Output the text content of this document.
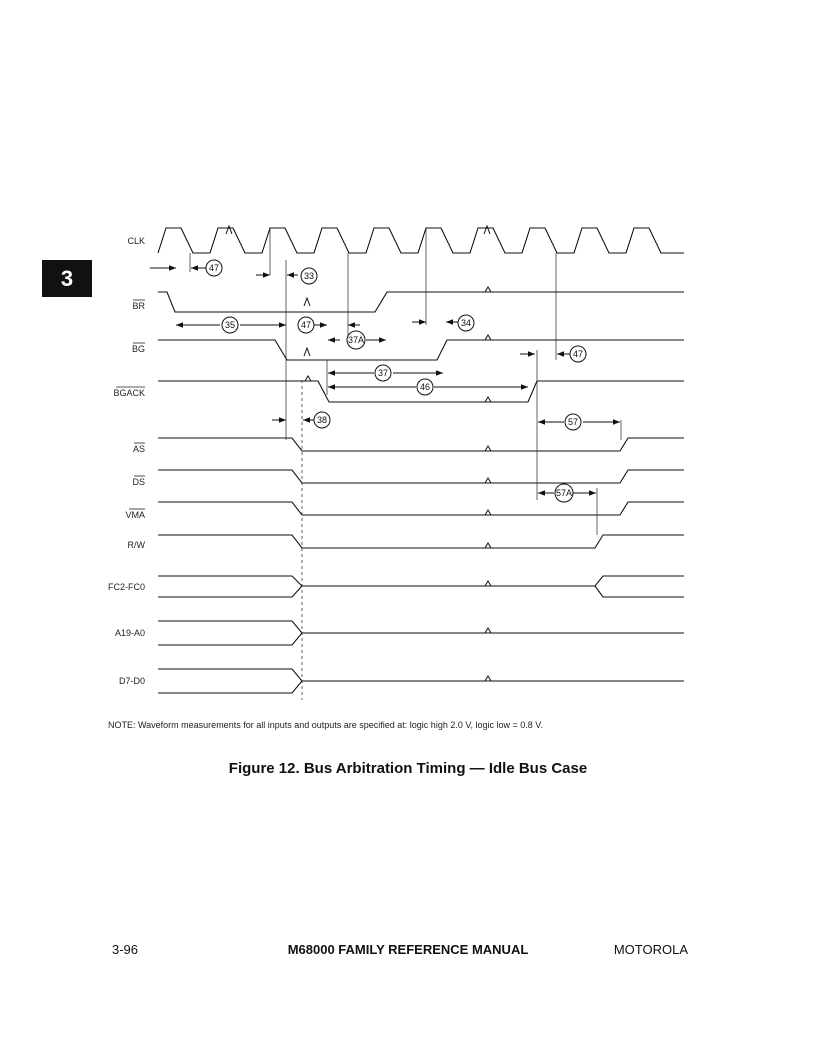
3
CLK
BR
BG
BGACK
AS
DS
VMA
R/W
FC2-FC0
A19-A0
D7-D0
47
33
35	47
37A
34
47
37
46
38	57
57A
NOTE: Waveform measurements for all inputs and outputs are specified at: logic high 2.0 V, logic low = 0.8 V.
Figure 12. Bus Arbitration Timing — Idle Bus Case
3-96	M68000 FAMILY REFERENCE MANUAL	MOTOROLA
